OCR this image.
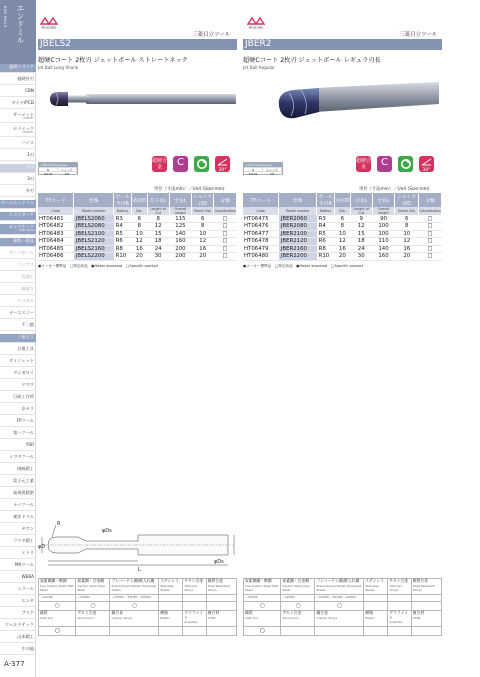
エンドミル
END MILLS
超硬ソリッド
超硬付刃
CBN
ダイヤ/PCD
サーメット
CERMET
セラミック
CERAMIC
ハイス
1刃
2刃
3刃
多刃
ボールエンドミル
スタンダード
ロングネック
LONG NECK
複数一般品
テーパボール
ラジアス
荒加工
面取り
ヘリカル
オーエスジー
不二越
三菱日立
日進工具
ダイジェット
タンガロイ
ヤマワ
日研工作所
京セラ
FPツール
第一ツール
YSR
イワタツール
岡崎精工
富士元工業
高周波精密
ナノツール
東洋ドリル
ギケン
フクダ精工
ミトリ
MAツール
WEBA
ミラール
エンギ
ブリケ
ウェルドテック
山本精工
その他
MOLDINO
三菱日立ツール
JBELS2
超硬Cコート 2枚刃 ジェットボール ストレートネック
Jet Ball Long Shank
公差mm/Tolerance
R	シャンク
±0.01	h6
超硬合金	C
30°
単位（寸法mm）／Unit (Size:mm)
TYコード	型番	ボール半径R	外径D	首下長L	全長L	シャンク径D	分類
Code	Model number	Radius	Dia.	Length of Cut	Overall length	Shank Dia.	Classification
HT06481	JBELS2060	R3	6	8	115	6	□
HT06482	JBELS2080	R4	8	12	125	8	□
HT06483	JBELS2100	R5	10	15	140	10	□
HT06484	JBELS2120	R6	12	18	160	12	□
HT06485	JBELS2160	R8	16	24	200	16	□
HT06486	JBELS2200	R10	20	30	200	20	□
●メーカー標準品　□特定商品　●Maker standard　□Specific product
MOLDINO
三菱日立ツール
JBER2
超硬Cコート 2枚刃 ジェットボール レギュラ刃長
Jet Ball Regular
公差mm/Tolerance
R	シャンク
±0.01	h6
超硬合金	C
30°
単位（寸法mm）／Unit (Size:mm)
TYコード	型番	ボール半径R	外径D	刃長L	全長L	シャンク径D	分類
Code	Model number	Radius	Dia.	Length of Cut	Overall length	Shank Dia.	Classification
HT06475	JBER2060	R3	6	9	90	6	□
HT06476	JBER2080	R4	8	12	100	8	□
HT06477	JBER2100	R5	10	15	100	10	□
HT06478	JBER2120	R6	12	18	110	12	□
HT06479	JBER2160	R8	16	24	140	16	□
HT06480	JBER2200	R10	20	30	160	20	□
●メーカー標準品　□特定商品　●Maker standard　□Specific product
R
φDs
φD
L
φDs
炭素鋼鋼・軟鋼
Low Carbon Steel Mild Steel	炭素鋼・合金鋼
Carbon Steel Alloy Steel	プレハードン鋼/焼入れ鋼
Prehardened Steels Hardened Steels	ステンレス
Stainless Steels	チタン合金
Titanium Alloys	耐熱合金
Heat Resistant Alloys

~150HB	~40HRC	~50HRC ~55HRC ~60HRC			
○	○	○			
鋳鉄
Cast Iron	アルミ合金
Aluminium	銅合金
Copper Alloys	樹脂
Plastic	グラファイト
Graphite	複合材
CFRP

○					
炭素鋼鋼・軟鋼
Low Carbon Steel Mild Steel	炭素鋼・合金鋼
Carbon Steel Alloy Steel	プレハードン鋼/焼入れ鋼
Prehardened Steels Hardened Steels	ステンレス
Stainless Steels	チタン合金
Titanium Alloys	耐熱合金
Heat Resistant Alloys

~150HB	~40HRC	~50HRC ~55HRC ~60HRC			
○	○	○			
鋳鉄
Cast Iron	アルミ合金
Aluminium	銅合金
Copper Alloys	樹脂
Plastic	グラファイト
Graphite	複合材
CFRP

○					
A-377
